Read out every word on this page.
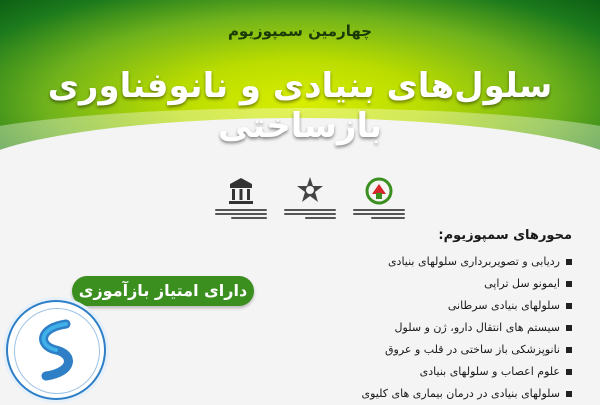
چهارمین سمپوزیوم
سلول‌های بنیادی و نانوفناوری بازساختی
دارای امتیاز بازآموزی
محورهای سمپوزیوم:
ردیابی و تصویربرداری سلولهای بنیادی
ایمونو سل تراپی
سلولهای بنیادی سرطانی
سیستم های انتقال دارو، ژن و سلول
نانوپزشکی باز ساختی در قلب و عروق
علوم اعصاب و سلولهای بنیادی
سلولهای بنیادی در درمان بیماری های کلیوی
